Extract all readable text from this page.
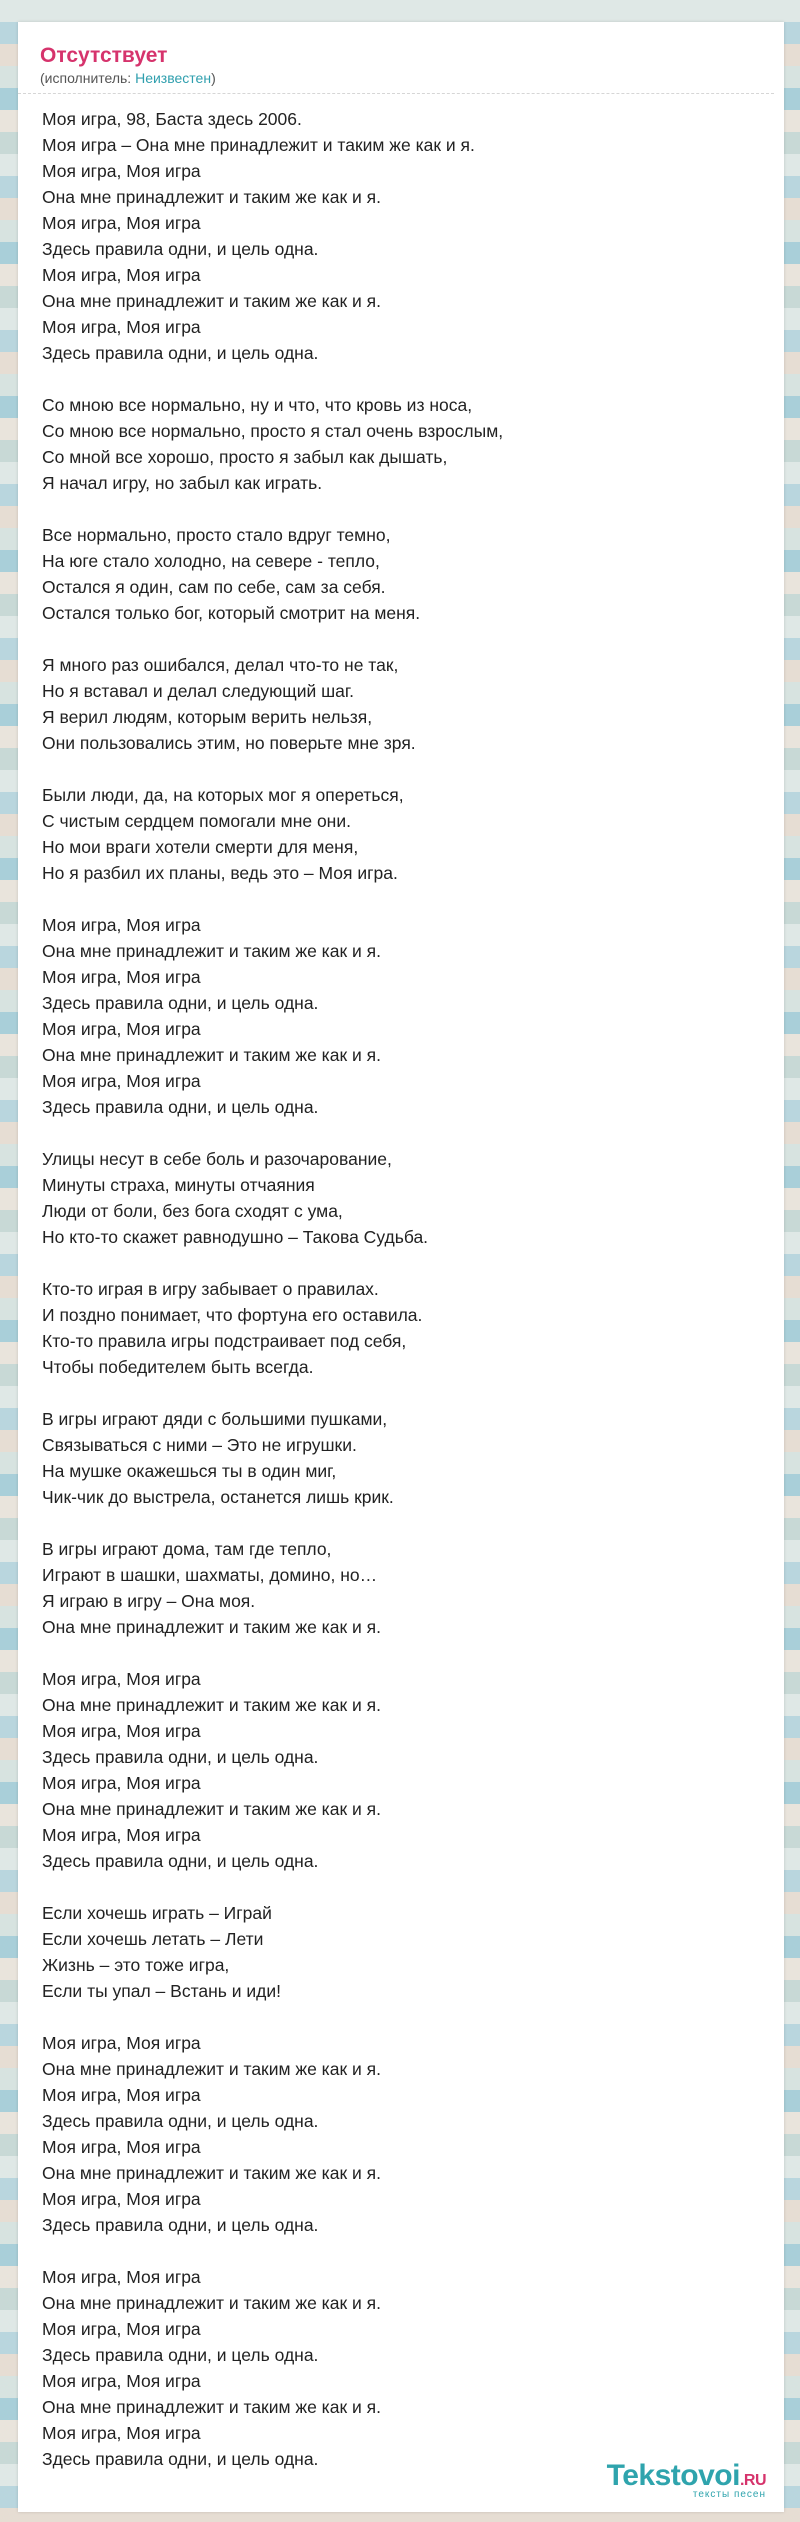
Отсутствует
(исполнитель: Неизвестен)
Моя игра, 98, Баста здесь 2006.
Моя игра – Она мне принадлежит и таким же как и я.
Моя игра, Моя игра
Она мне принадлежит и таким же как и я.
Моя игра, Моя игра
Здесь правила одни, и цель одна.
Моя игра, Моя игра
Она мне принадлежит и таким же как и я.
Моя игра, Моя игра
Здесь правила одни, и цель одна.
Со мною все нормально, ну и что, что кровь из носа,
Со мною все нормально, просто я стал очень взрослым,
Со мной все хорошо, просто я забыл как дышать,
Я начал игру, но забыл как играть.
Все нормально, просто стало вдруг темно,
На юге стало холодно, на севере - тепло,
Остался я один, сам по себе, сам за себя.
Остался только бог, который смотрит на меня.
Я много раз ошибался, делал что-то не так,
Но я вставал и делал следующий шаг.
Я верил людям, которым верить нельзя,
Они пользовались этим, но поверьте мне зря.
Были люди, да, на которых мог я опереться,
С чистым сердцем помогали мне они.
Но мои враги хотели смерти для меня,
Но я разбил их планы, ведь это – Моя игра.
Моя игра, Моя игра
Она мне принадлежит и таким же как и я.
Моя игра, Моя игра
Здесь правила одни, и цель одна.
Моя игра, Моя игра
Она мне принадлежит и таким же как и я.
Моя игра, Моя игра
Здесь правила одни, и цель одна.
Улицы несут в себе боль и разочарование,
Минуты страха, минуты отчаяния
Люди от боли, без бога сходят с ума,
Но кто-то скажет равнодушно – Такова Судьба.
Кто-то играя в игру забывает о правилах.
И поздно понимает, что фортуна его оставила.
Кто-то правила игры подстраивает под себя,
Чтобы победителем быть всегда.
В игры играют дяди с большими пушками,
Связываться с ними – Это не игрушки.
На мушке окажешься ты в один миг,
Чик-чик до выстрела, останется лишь крик.
В игры играют дома, там где тепло,
Играют в шашки, шахматы, домино, но…
Я играю в игру – Она моя.
Она мне принадлежит и таким же как и я.
Моя игра, Моя игра
Она мне принадлежит и таким же как и я.
Моя игра, Моя игра
Здесь правила одни, и цель одна.
Моя игра, Моя игра
Она мне принадлежит и таким же как и я.
Моя игра, Моя игра
Здесь правила одни, и цель одна.
Если хочешь играть – Играй
Если хочешь летать – Лети
Жизнь – это тоже игра,
Если ты упал – Встань и иди!
Моя игра, Моя игра
Она мне принадлежит и таким же как и я.
Моя игра, Моя игра
Здесь правила одни, и цель одна.
Моя игра, Моя игра
Она мне принадлежит и таким же как и я.
Моя игра, Моя игра
Здесь правила одни, и цель одна.
Моя игра, Моя игра
Она мне принадлежит и таким же как и я.
Моя игра, Моя игра
Здесь правила одни, и цель одна.
Моя игра, Моя игра
Она мне принадлежит и таким же как и я.
Моя игра, Моя игра
Здесь правила одни, и цель одна.	Tekstovoi.RU
тексты песен
